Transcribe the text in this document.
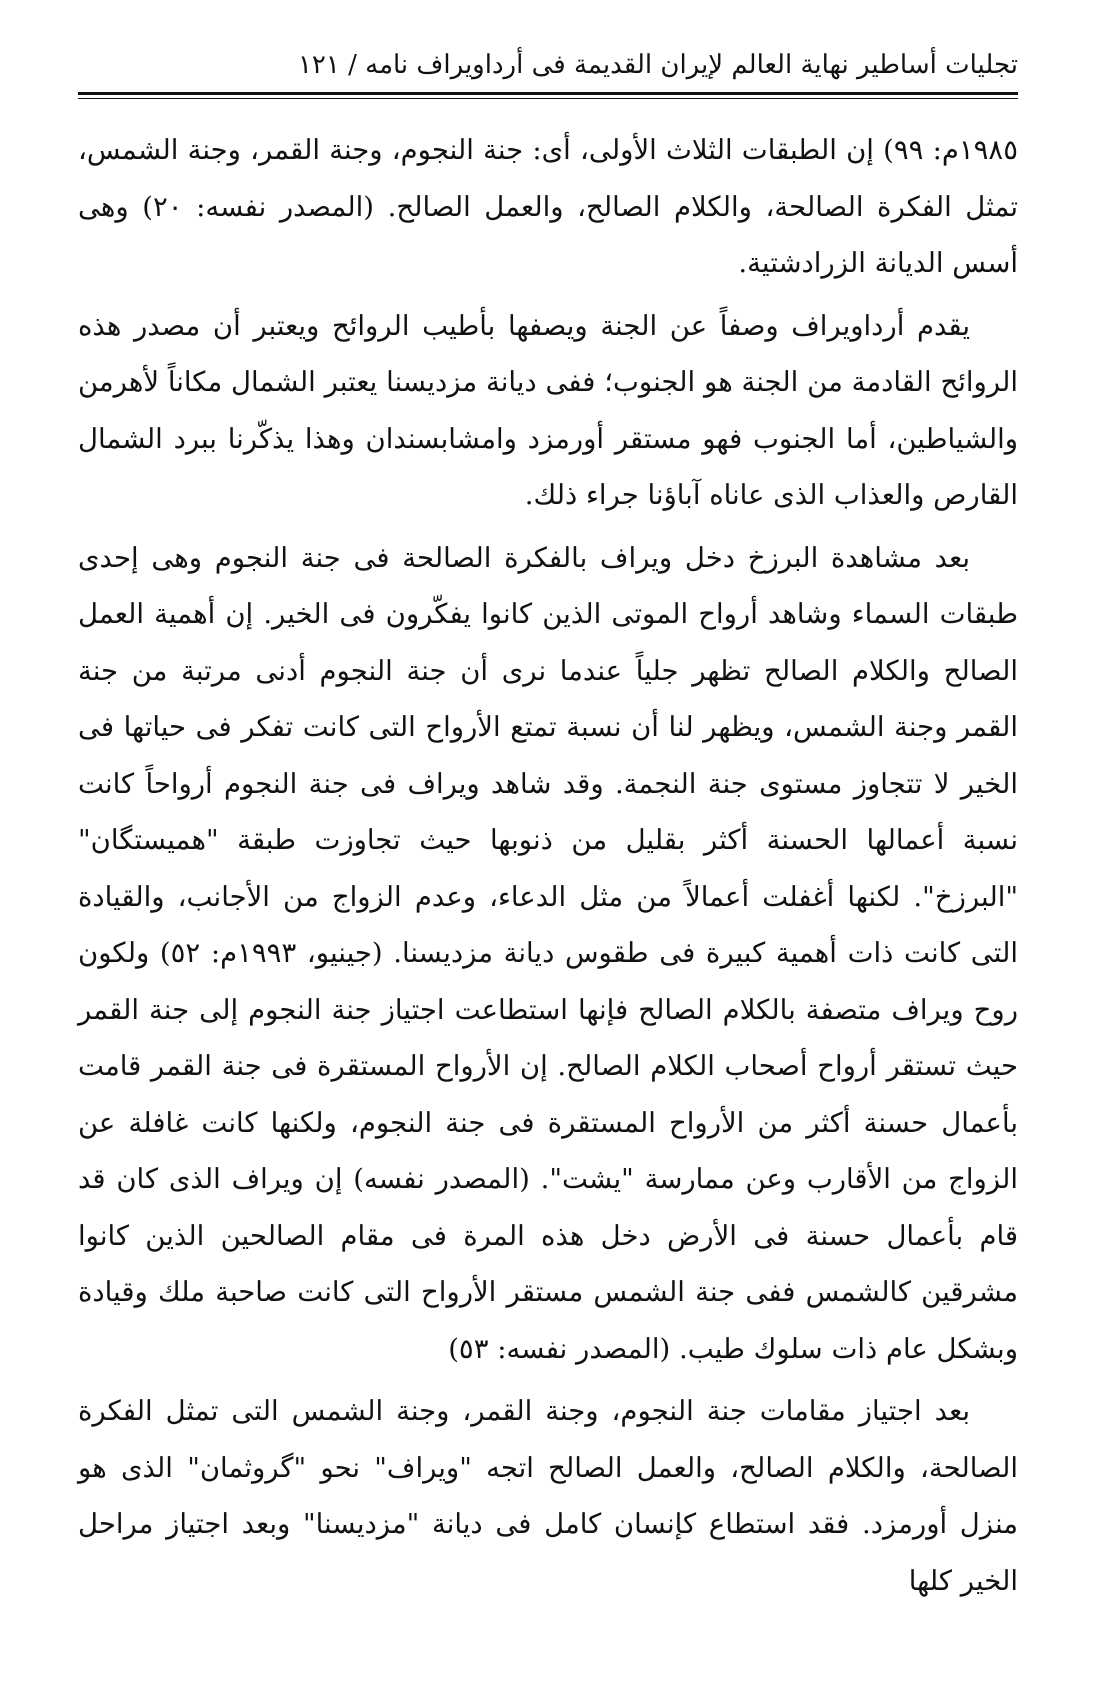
تجليات أساطير نهاية العالم لإيران القديمة فى أرداويراف نامه / ١٢١

١٩٨٥م: ٩٩) إن الطبقات الثلاث الأولى، أى: جنة النجوم، وجنة القمر، وجنة الشمس، تمثل الفكرة الصالحة، والكلام الصالح، والعمل الصالح. (المصدر نفسه: ٢٠) وهى أسس الديانة الزرادشتية.

يقدم أرداويراف وصفاً عن الجنة ويصفها بأطيب الروائح ويعتبر أن مصدر هذه الروائح القادمة من الجنة هو الجنوب؛ ففى ديانة مزديسنا يعتبر الشمال مكاناً لأهرمن والشياطين، أما الجنوب فهو مستقر أورمزد وامشابسندان وهذا يذكّرنا ببرد الشمال القارص والعذاب الذى عاناه آباؤنا جراء ذلك.

بعد مشاهدة البرزخ دخل ويراف بالفكرة الصالحة فى جنة النجوم وهى إحدى طبقات السماء وشاهد أرواح الموتى الذين كانوا يفكّرون فى الخير. إن أهمية العمل الصالح والكلام الصالح تظهر جلياً عندما نرى أن جنة النجوم أدنى مرتبة من جنة القمر وجنة الشمس، ويظهر لنا أن نسبة تمتع الأرواح التى كانت تفكر فى حياتها فى الخير لا تتجاوز مستوى جنة النجمة. وقد شاهد ويراف فى جنة النجوم أرواحاً كانت نسبة أعمالها الحسنة أكثر بقليل من ذنوبها حيث تجاوزت طبقة "هميستگان" "البرزخ". لكنها أغفلت أعمالاً من مثل الدعاء، وعدم الزواج من الأجانب، والقيادة التى كانت ذات أهمية كبيرة فى طقوس ديانة مزديسنا. (جينيو، ١٩٩٣م: ٥٢) ولكون روح ويراف متصفة بالكلام الصالح فإنها استطاعت اجتياز جنة النجوم إلى جنة القمر حيث تستقر أرواح أصحاب الكلام الصالح. إن الأرواح المستقرة فى جنة القمر قامت بأعمال حسنة أكثر من الأرواح المستقرة فى جنة النجوم، ولكنها كانت غافلة عن الزواج من الأقارب وعن ممارسة "يشت". (المصدر نفسه) إن ويراف الذى كان قد قام بأعمال حسنة فى الأرض دخل هذه المرة فى مقام الصالحين الذين كانوا مشرقين كالشمس ففى جنة الشمس مستقر الأرواح التى كانت صاحبة ملك وقيادة وبشكل عام ذات سلوك طيب. (المصدر نفسه: ٥٣)

بعد اجتياز مقامات جنة النجوم، وجنة القمر، وجنة الشمس التى تمثل الفكرة الصالحة، والكلام الصالح، والعمل الصالح اتجه "ويراف" نحو "گروثمان" الذى هو منزل أورمزد. فقد استطاع كإنسان كامل فى ديانة "مزديسنا" وبعد اجتياز مراحل الخير كلها
